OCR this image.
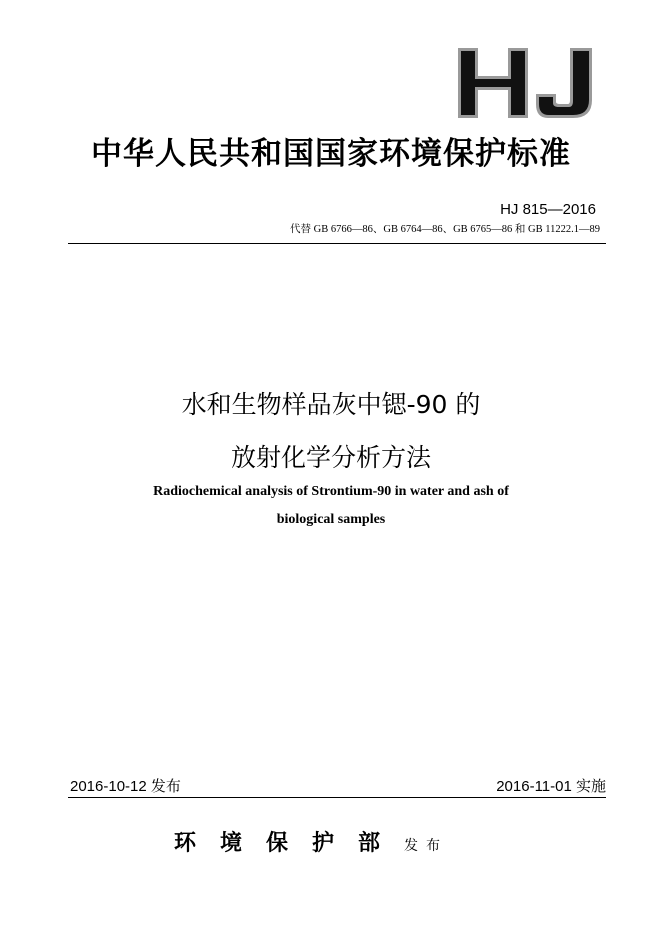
中华人民共和国国家环境保护标准
HJ 815—2016
代替 GB 6766—86、GB 6764—86、GB 6765—86 和 GB 11222.1—89
水和生物样品灰中锶-90 的
放射化学分析方法
Radiochemical analysis of Strontium-90 in water and ash of
biological samples
2016-10-12 发布	2016-11-01 实施
环境保护部 发布
